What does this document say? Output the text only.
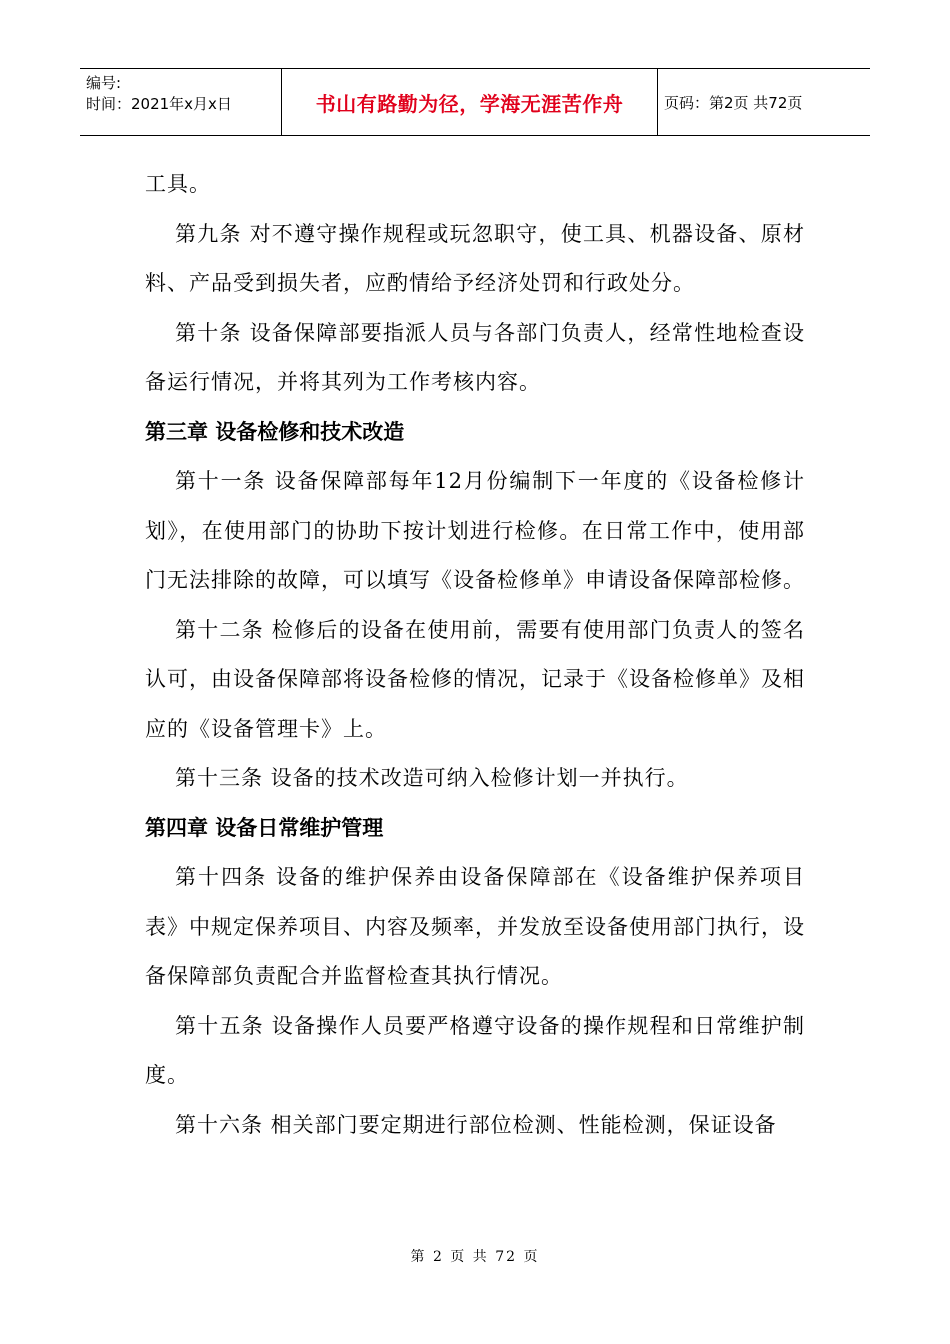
编号:
时间：2021年x月x日	书山有路勤为径，学海无涯苦作舟	页码：第2页 共72页

工具。

第九条 对不遵守操作规程或玩忽职守，使工具、机器设备、原材料、产品受到损失者，应酌情给予经济处罚和行政处分。

第十条 设备保障部要指派人员与各部门负责人，经常性地检查设备运行情况，并将其列为工作考核内容。

第三章 设备检修和技术改造

第十一条 设备保障部每年12月份编制下一年度的《设备检修计划》，在使用部门的协助下按计划进行检修。在日常工作中，使用部门无法排除的故障，可以填写《设备检修单》申请设备保障部检修。

第十二条 检修后的设备在使用前，需要有使用部门负责人的签名认可，由设备保障部将设备检修的情况，记录于《设备检修单》及相应的《设备管理卡》上。

第十三条 设备的技术改造可纳入检修计划一并执行。

第四章 设备日常维护管理

第十四条 设备的维护保养由设备保障部在《设备维护保养项目表》中规定保养项目、内容及频率，并发放至设备使用部门执行，设备保障部负责配合并监督检查其执行情况。

第十五条 设备操作人员要严格遵守设备的操作规程和日常维护制度。

第十六条 相关部门要定期进行部位检测、性能检测，保证设备

第 2 页 共 72 页
